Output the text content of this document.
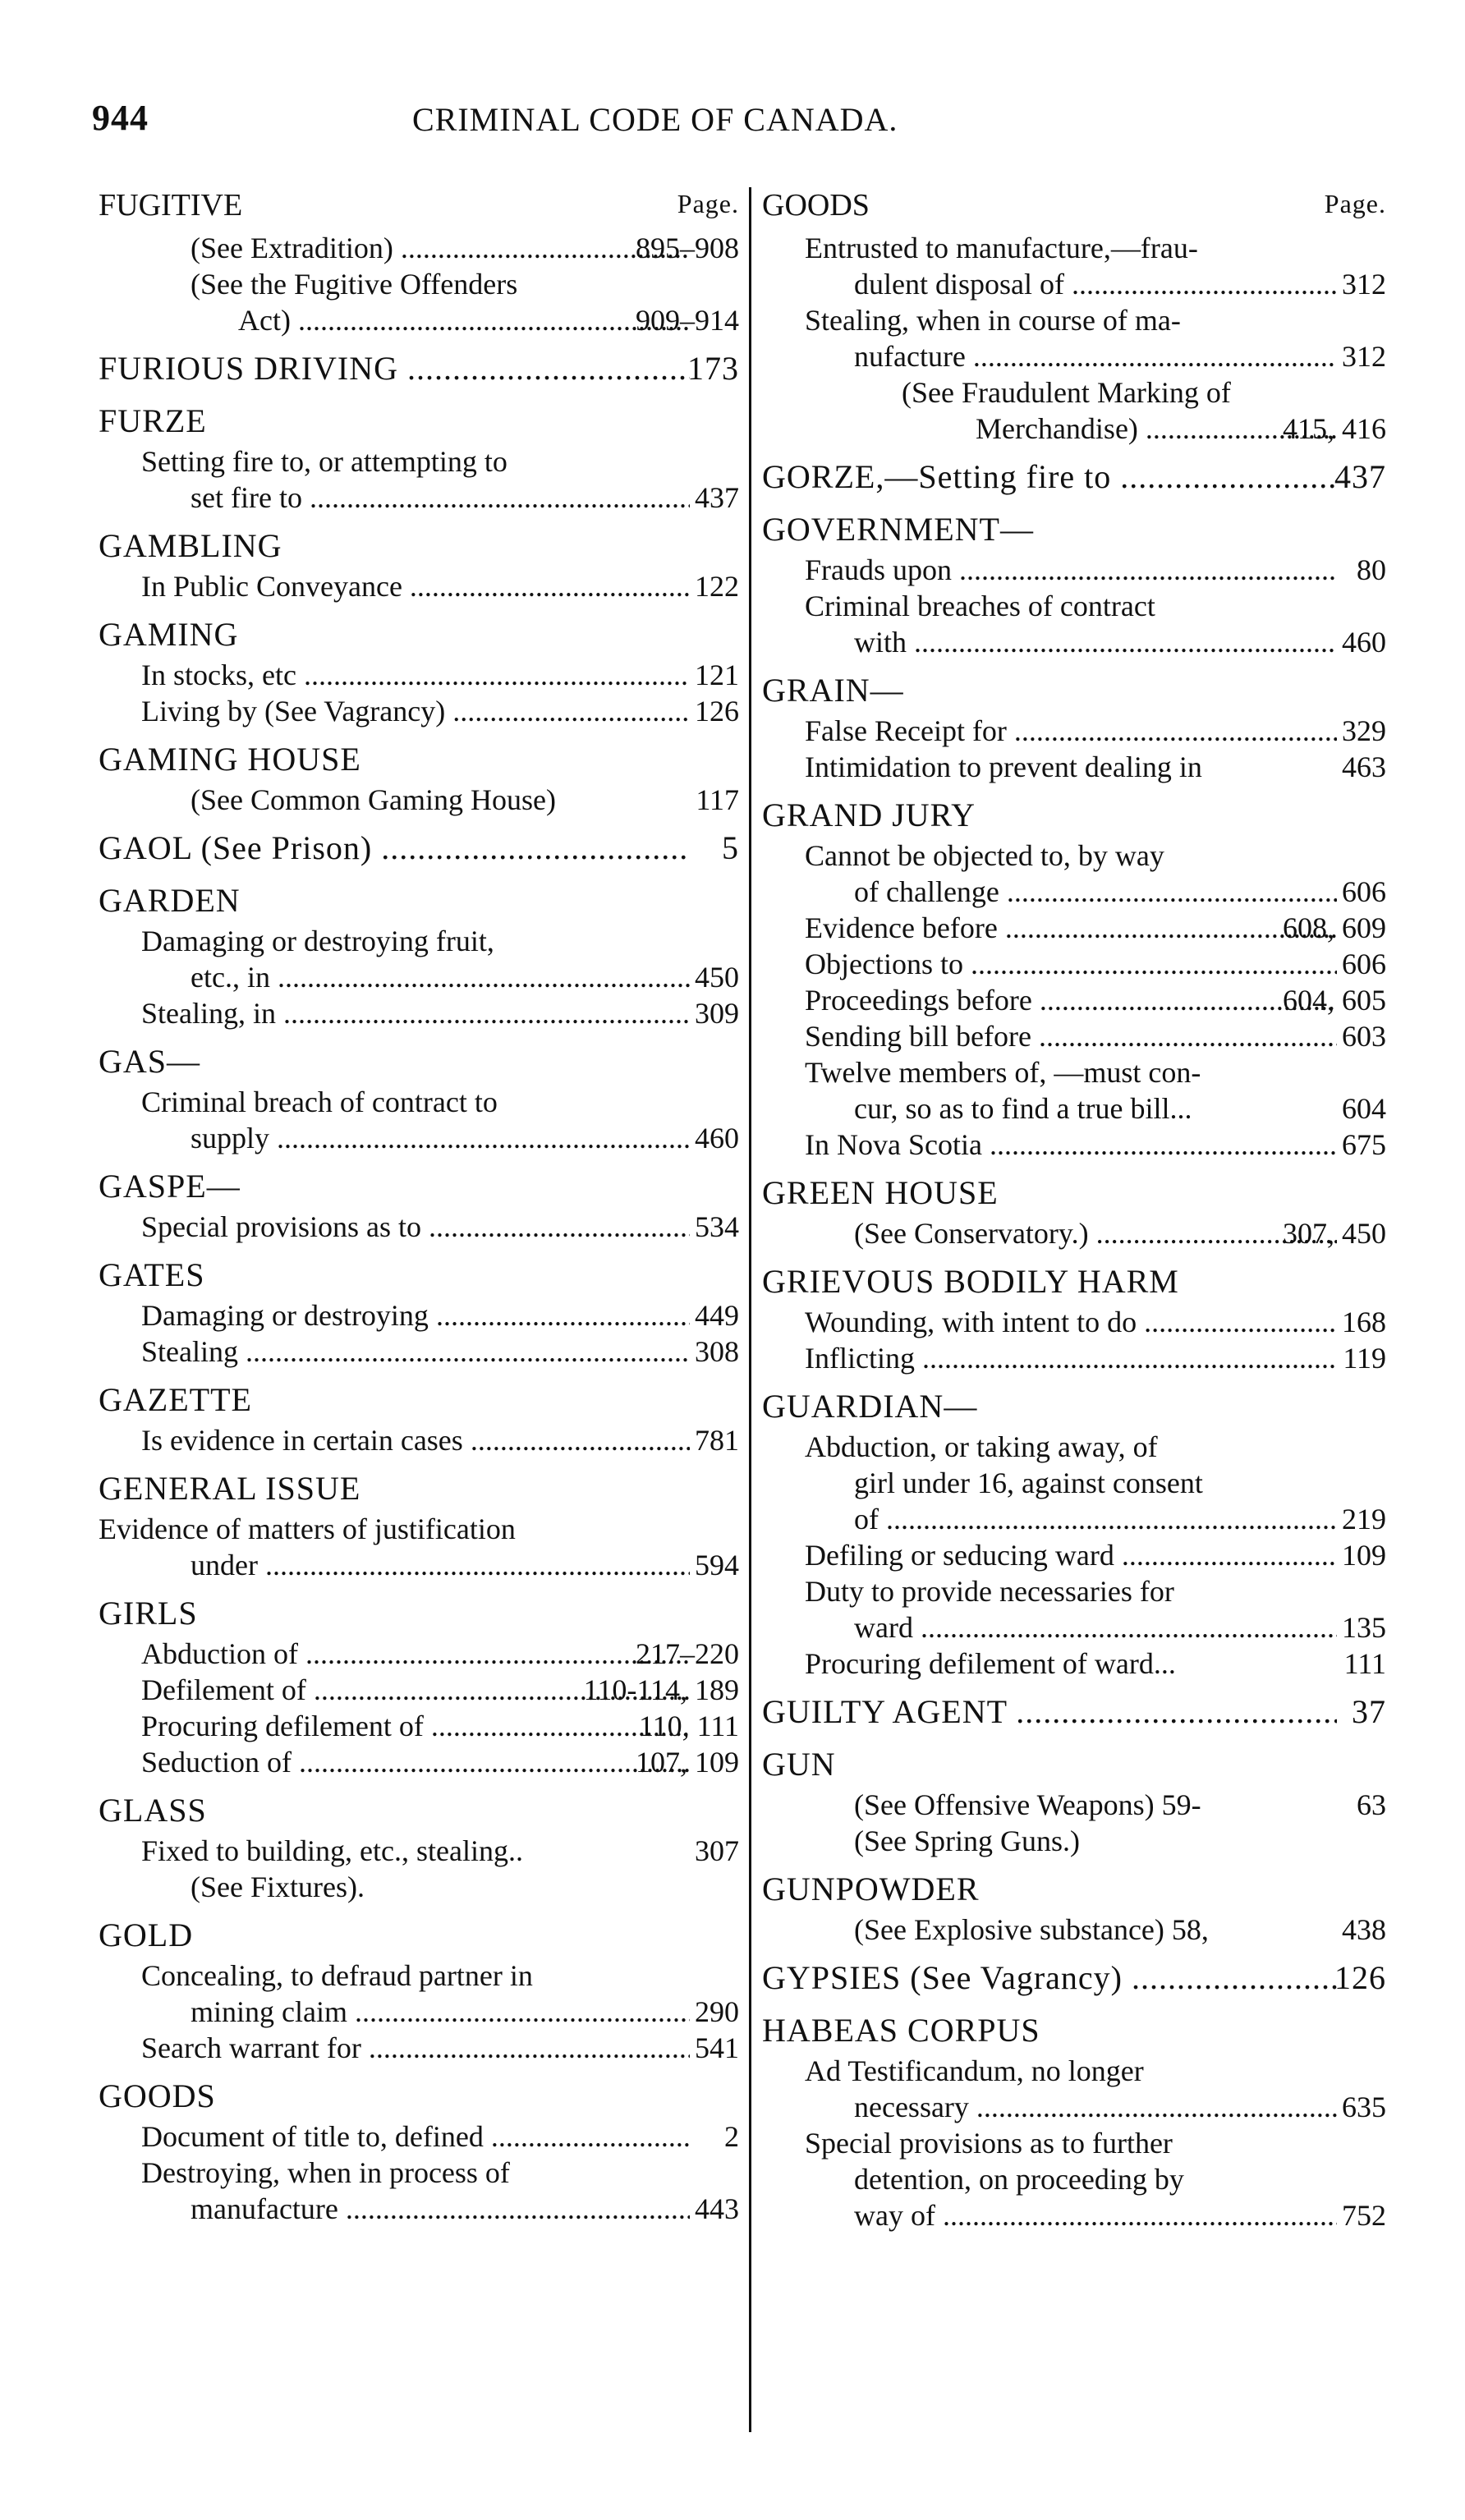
944	CRIMINAL CODE OF CANADA.
FUGITIVE	Page.
(See Extradition) .....	895–908
(See the Fugitive Offenders
Act) .....	909–914
FURIOUS DRIVING .....	173
FURZE
Setting fire to, or attempting to
set fire to .....	437
GAMBLING
In Public Conveyance .....	122
GAMING
In stocks, etc .....	121
Living by (See Vagrancy) .....	126
GAMING HOUSE
(See Common Gaming House)	117
GAOL (See Prison) .....	5
GARDEN
Damaging or destroying fruit,
etc., in .....	450
Stealing, in .....	309
GAS—
Criminal breach of contract to
supply .....	460
GASPE—
Special provisions as to .....	534
GATES
Damaging or destroying .....	449
Stealing .....	308
GAZETTE
Is evidence in certain cases .....	781
GENERAL ISSUE
Evidence of matters of justification
under .....	594
GIRLS
Abduction of .....	217–220
Defilement of .....	110-114, 189
Procuring defilement of .....	110, 111
Seduction of .....	107, 109
GLASS
Fixed to building, etc., stealing..	307
(See Fixtures).
GOLD
Concealing, to defraud partner in
mining claim .....	290
Search warrant for .....	541
GOODS
Document of title to, defined .....	2
Destroying, when in process of
manufacture .....	443
GOODS	Page.
Entrusted to manufacture,—frau-
dulent disposal of .....	312
Stealing, when in course of ma-
nufacture .....	312
(See Fraudulent Marking of
Merchandise) .....	415, 416
GORZE,—Setting fire to .....	437
GOVERNMENT—
Frauds upon .....	80
Criminal breaches of contract
with .....	460
GRAIN—
False Receipt for .....	329
Intimidation to prevent dealing in	463
GRAND JURY
Cannot be objected to, by way
of challenge .....	606
Evidence before .....	608, 609
Objections to .....	606
Proceedings before .....	604, 605
Sending bill before .....	603
Twelve members of, —must con-
cur, so as to find a true bill...	604
In Nova Scotia .....	675
GREEN HOUSE
(See Conservatory.) .....	307, 450
GRIEVOUS BODILY HARM
Wounding, with intent to do .....	168
Inflicting .....	119
GUARDIAN—
Abduction, or taking away, of
girl under 16, against consent
of .....	219
Defiling or seducing ward .....	109
Duty to provide necessaries for
ward .....	135
Procuring defilement of ward...	111
GUILTY AGENT .....	37
GUN
(See Offensive Weapons) 59-	63
(See Spring Guns.)
GUNPOWDER
(See Explosive substance) 58,	438
GYPSIES (See Vagrancy) .....	126
HABEAS CORPUS
Ad Testificandum, no longer
necessary .....	635
Special provisions as to further
detention, on proceeding by
way of .....	752
